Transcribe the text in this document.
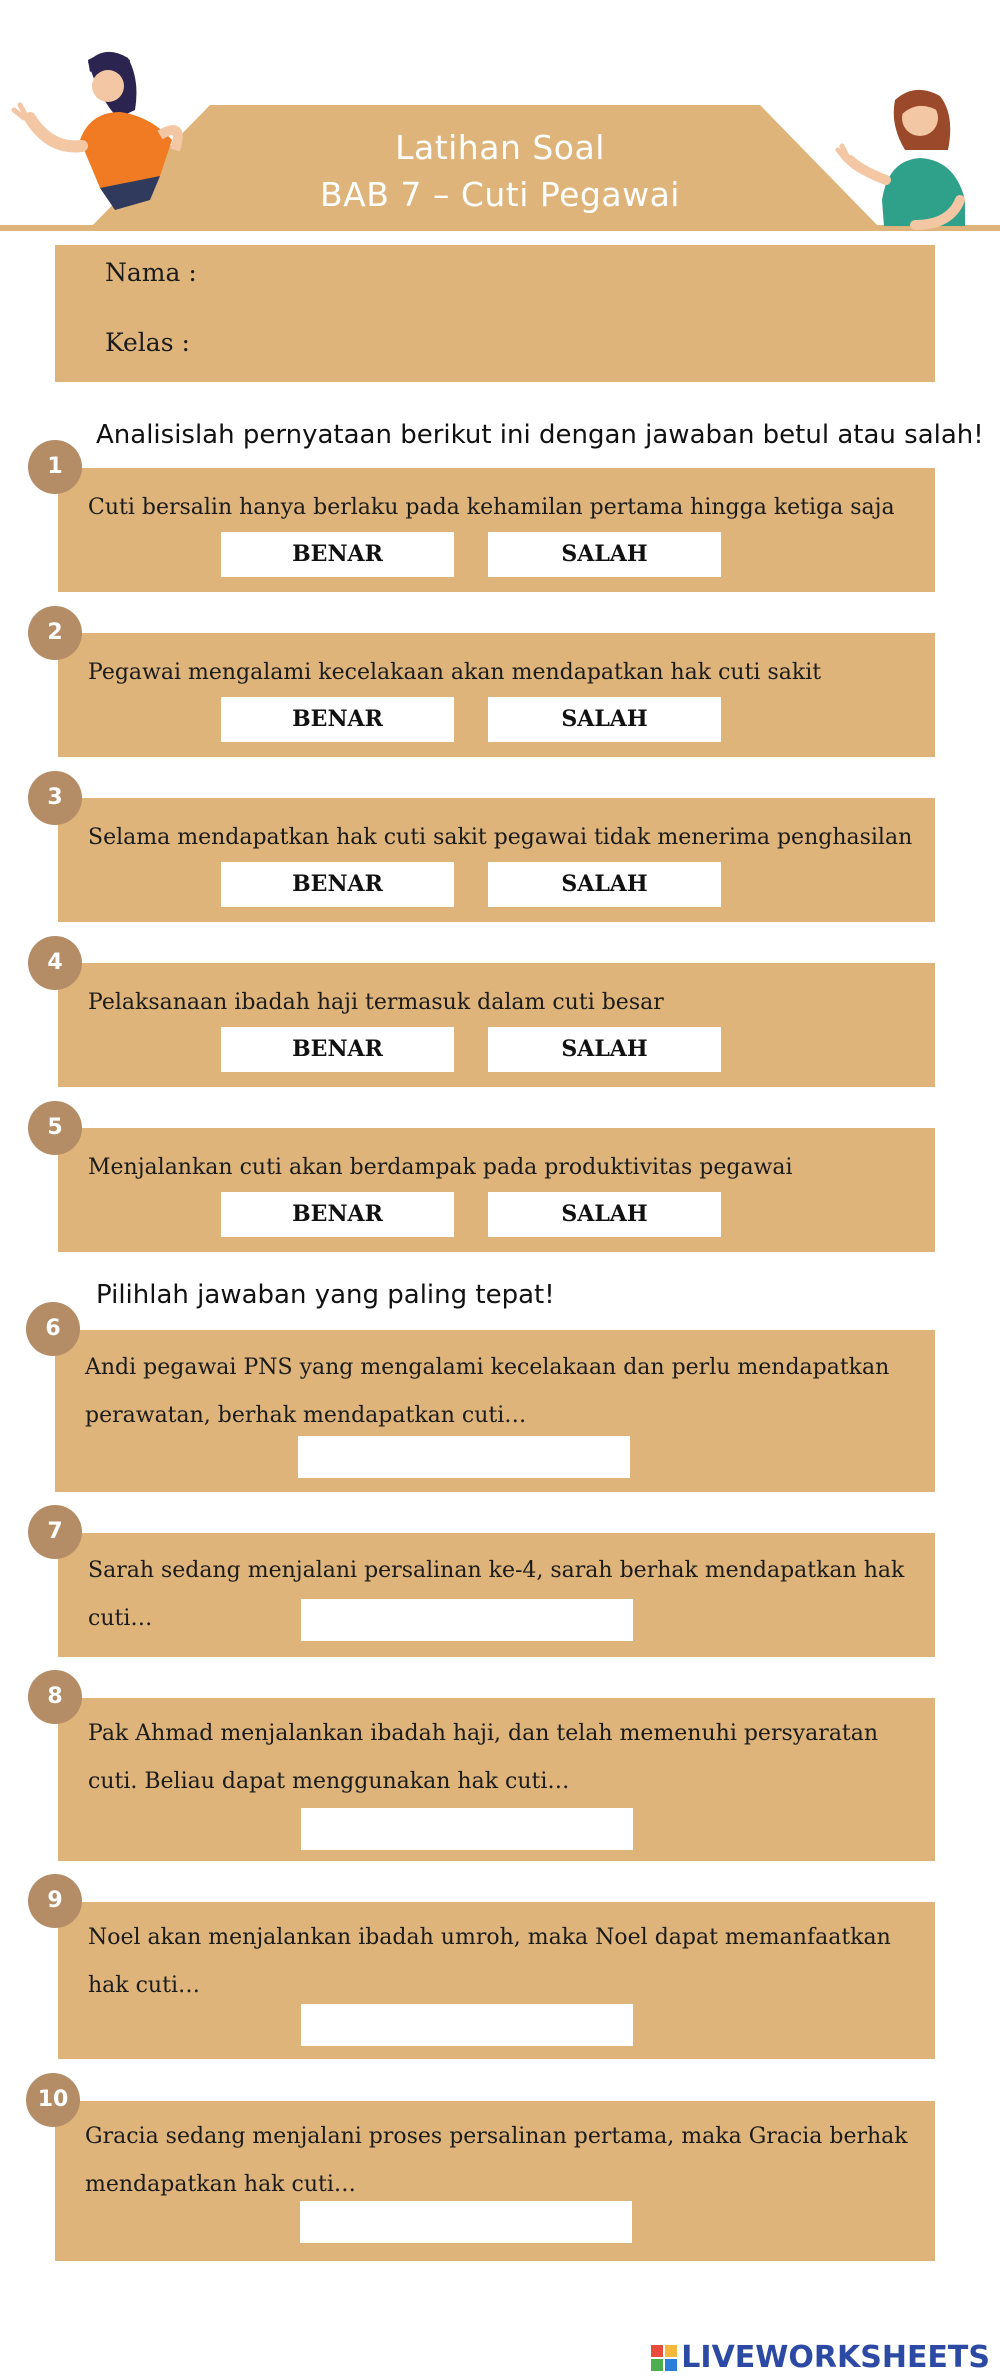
Latihan Soal
BAB 7 – Cuti Pegawai
Nama :
Kelas :
Analisislah pernyataan berikut ini dengan jawaban betul atau salah!
Cuti bersalin hanya berlaku pada kehamilan pertama hingga ketiga saja
BENAR	SALAH
1
Pegawai mengalami kecelakaan akan mendapatkan hak cuti sakit
BENAR	SALAH
2
Selama mendapatkan hak cuti sakit pegawai tidak menerima penghasilan
BENAR	SALAH
3
Pelaksanaan ibadah haji termasuk dalam cuti besar
BENAR	SALAH
4
Menjalankan cuti akan berdampak pada produktivitas pegawai
BENAR	SALAH
5
Pilihlah jawaban yang paling tepat!
Andi pegawai PNS yang mengalami kecelakaan dan perlu mendapatkan perawatan, berhak mendapatkan cuti…
6
Sarah sedang menjalani persalinan ke-4, sarah berhak mendapatkan hak cuti…
7
Pak Ahmad menjalankan ibadah haji, dan telah memenuhi persyaratan cuti. Beliau dapat menggunakan hak cuti…
8
Noel akan menjalankan ibadah umroh, maka Noel dapat memanfaatkan hak cuti…
9
Gracia sedang menjalani proses persalinan pertama, maka Gracia berhak mendapatkan hak cuti…
10
LIVEWORKSHEETS
